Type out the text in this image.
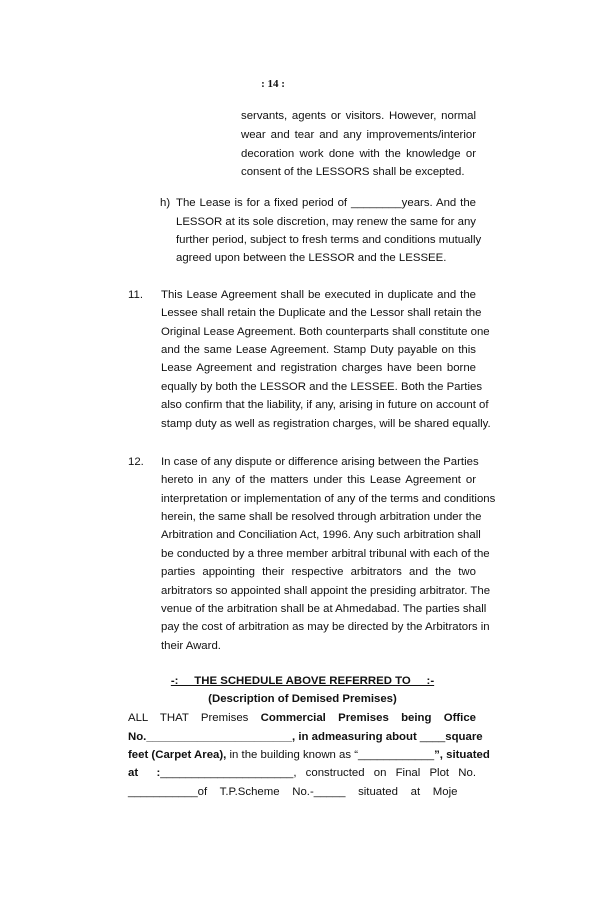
: 14 :
servants, agents or visitors. However, normal
wear and tear and any improvements/interior
decoration work done with the knowledge or
consent of the LESSORS shall be excepted.
h) The Lease is for a fixed period of ________years. And the
LESSOR at its sole discretion, may renew the same for any
further period, subject to fresh terms and conditions mutually
agreed upon between the LESSOR and the LESSEE.
11. This Lease Agreement shall be executed in duplicate and the
Lessee shall retain the Duplicate and the Lessor shall retain the
Original Lease Agreement. Both counterparts shall constitute one
and the same Lease Agreement. Stamp Duty payable on this
Lease Agreement and registration charges have been borne
equally by both the LESSOR and the LESSEE. Both the Parties
also confirm that the liability, if any, arising in future on account of
stamp duty as well as registration charges, will be shared equally.
12. In case of any dispute or difference arising between the Parties
hereto in any of the matters under this Lease Agreement or
interpretation or implementation of any of the terms and conditions
herein, the same shall be resolved through arbitration under the
Arbitration and Conciliation Act, 1996. Any such arbitration shall
be conducted by a three member arbitral tribunal with each of the
parties appointing their respective arbitrators and the two
arbitrators so appointed shall appoint the presiding arbitrator. The
venue of the arbitration shall be at Ahmedabad. The parties shall
pay the cost of arbitration as may be directed by the Arbitrators in
their Award.
-:     THE SCHEDULE ABOVE REFERRED TO     :-
(Description of Demised Premises)
ALL THAT Premises Commercial Premises being Office
No._______________________, in admeasuring about ____square
feet (Carpet Area), in the building known as “____________”, situated
at  :_____________________, constructed on Final Plot No.
___________of    T.P.Scheme    No.-_____    situated    at    Moje
